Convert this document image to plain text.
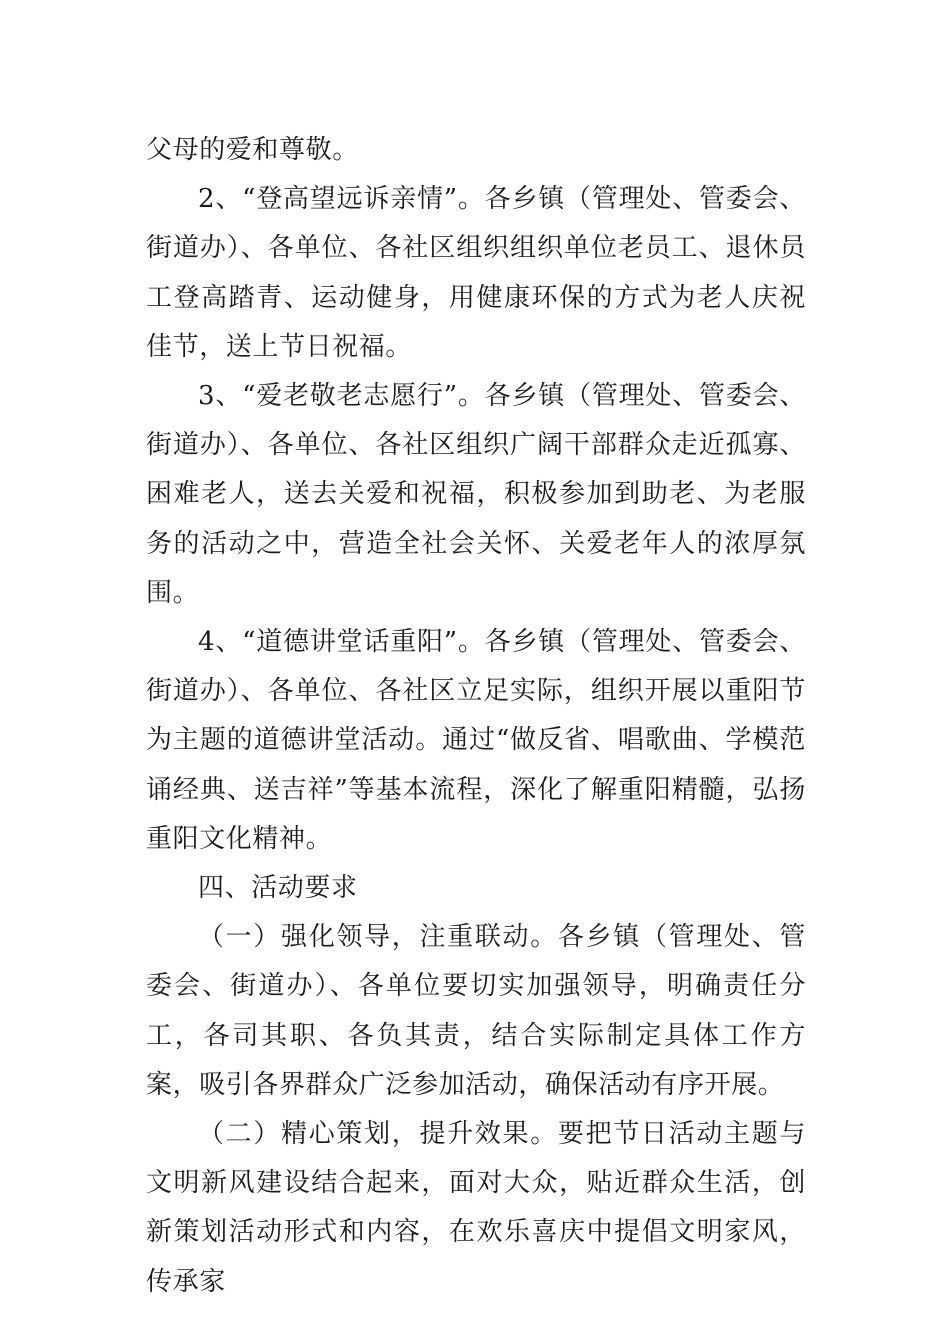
父母的爱和尊敬。

2、“登高望远诉亲情”。各乡镇（管理处、管委会、街道办）、各单位、各社区组织组织单位老员工、退休员工登高踏青、运动健身，用健康环保的方式为老人庆祝佳节，送上节日祝福。

3、“爱老敬老志愿行”。各乡镇（管理处、管委会、街道办）、各单位、各社区组织广阔干部群众走近孤寡、困难老人，送去关爱和祝福，积极参加到助老、为老服务的活动之中，营造全社会关怀、关爱老年人的浓厚氛围。

4、“道德讲堂话重阳”。各乡镇（管理处、管委会、街道办）、各单位、各社区立足实际，组织开展以重阳节为主题的道德讲堂活动。通过“做反省、唱歌曲、学模范诵经典、送吉祥”等基本流程，深化了解重阳精髓，弘扬重阳文化精神。

四、活动要求

（一）强化领导，注重联动。各乡镇（管理处、管委会、街道办）、各单位要切实加强领导，明确责任分工，各司其职、各负其责，结合实际制定具体工作方案，吸引各界群众广泛参加活动，确保活动有序开展。

（二）精心策划，提升效果。要把节日活动主题与文明新风建设结合起来，面对大众，贴近群众生活，创新策划活动形式和内容，在欢乐喜庆中提倡文明家风，传承家
